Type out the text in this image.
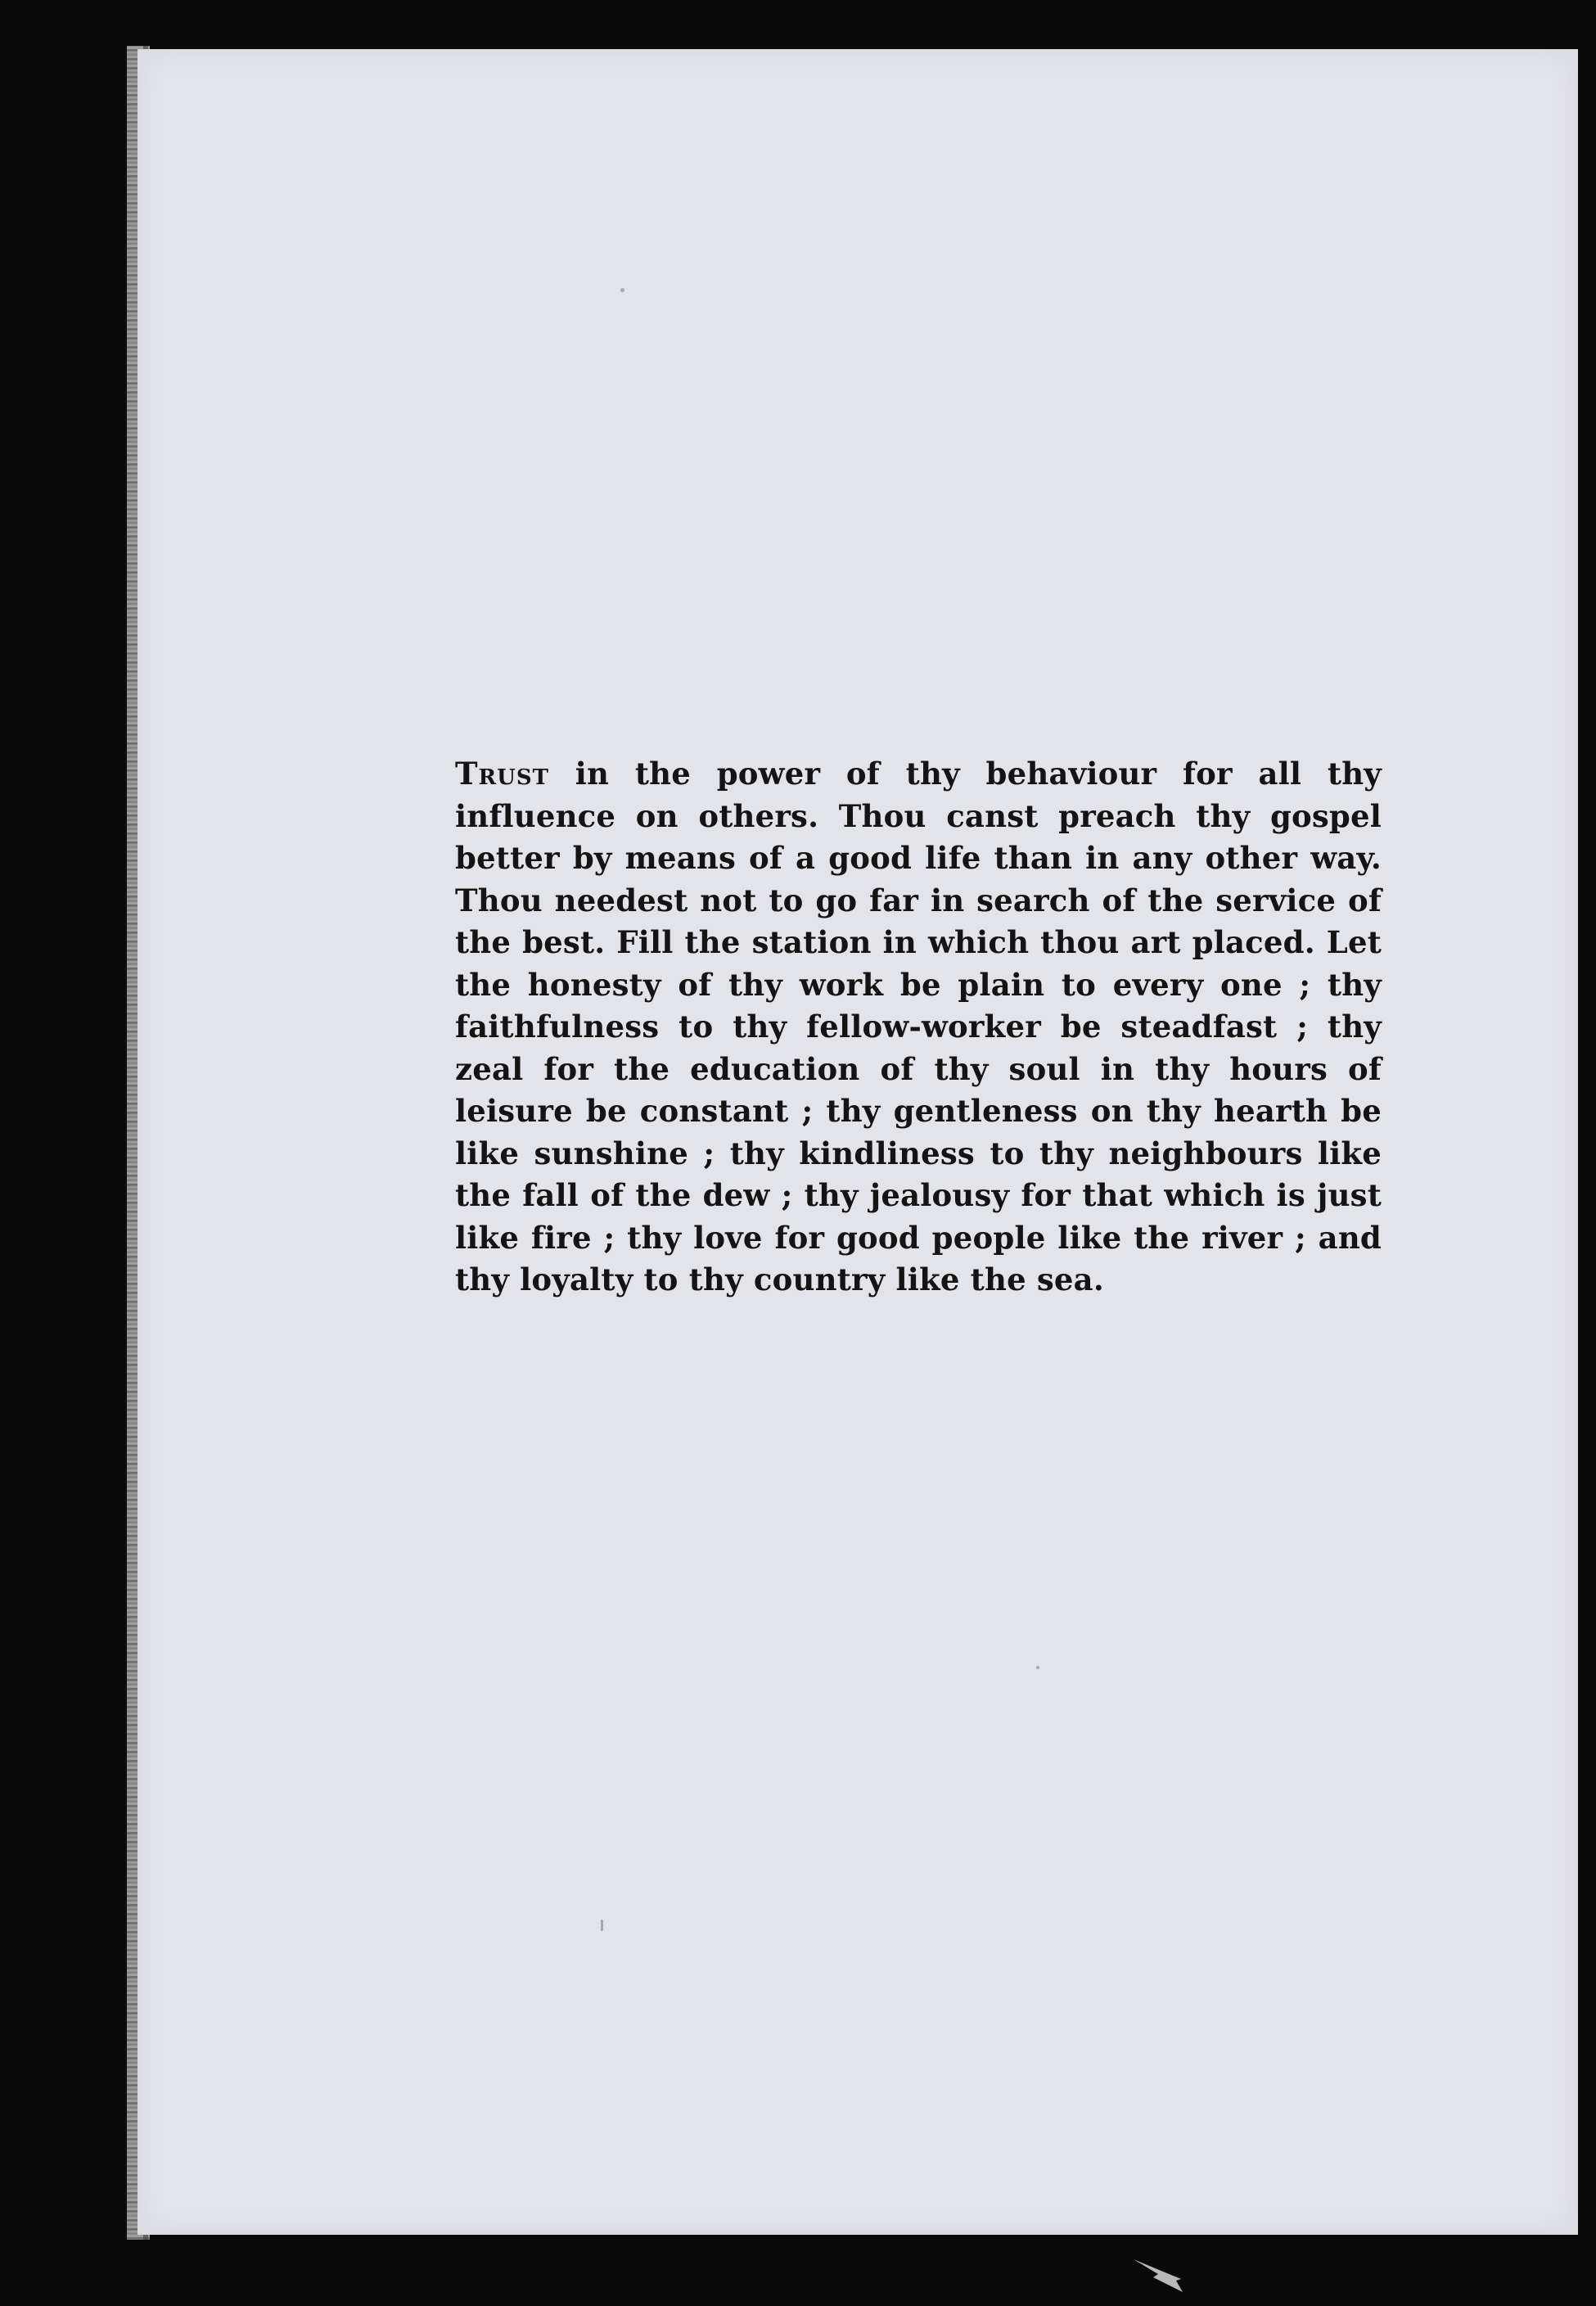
Trust in the power of thy behaviour for all thy influence on others. Thou canst preach thy gospel better by means of a good life than in any other way. Thou needest not to go far in search of the service of the best. Fill the station in which thou art placed. Let the honesty of thy work be plain to every one ; thy faithfulness to thy fellow-worker be steadfast ; thy zeal for the education of thy soul in thy hours of leisure be constant ; thy gentleness on thy hearth be like sunshine ; thy kindliness to thy neighbours like the fall of the dew ; thy jealousy for that which is just like fire ; thy love for good people like the river ; and thy loyalty to thy country like the sea.
